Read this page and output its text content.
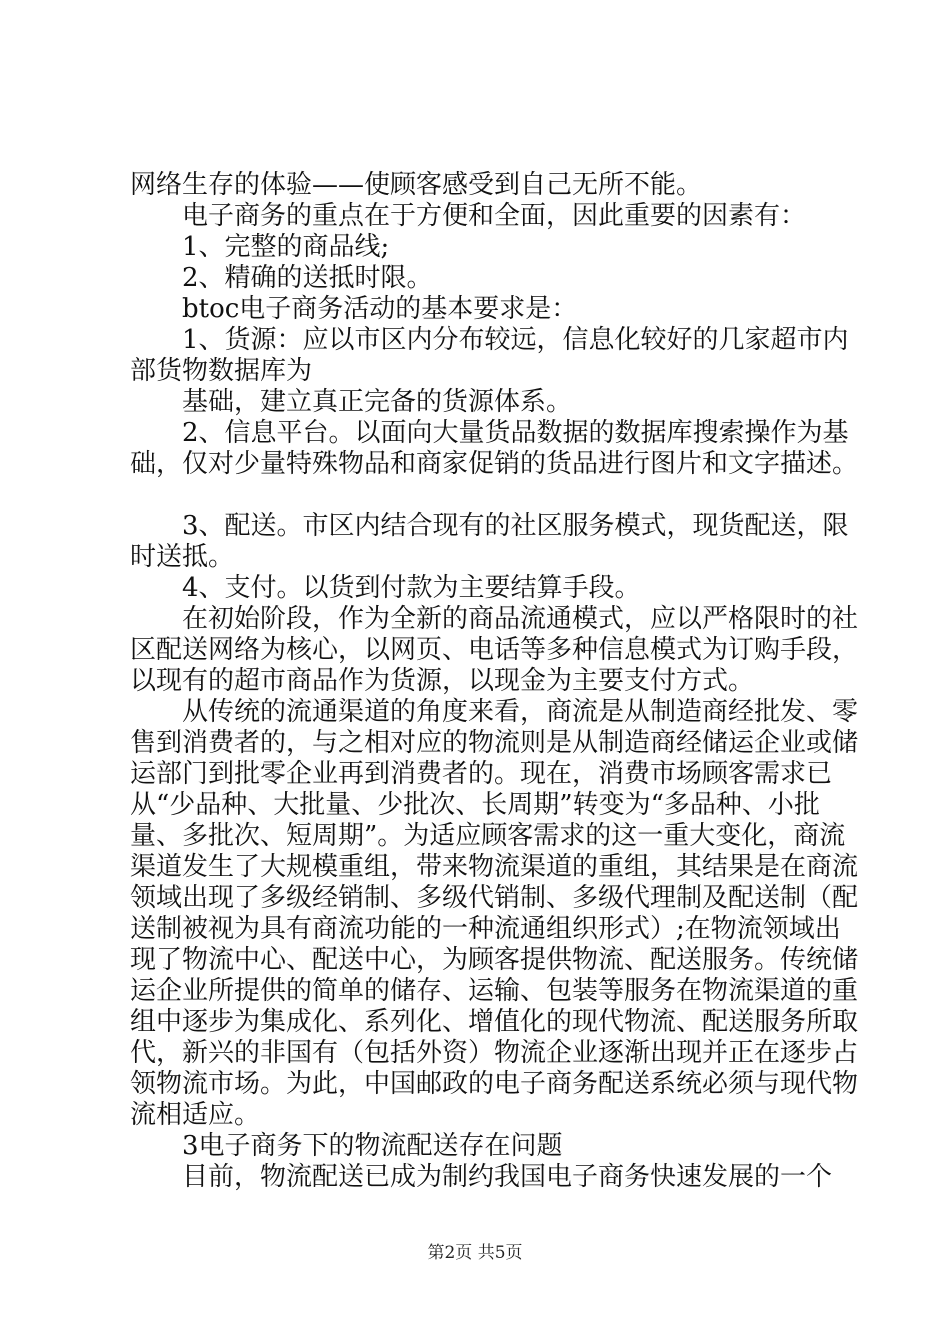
网络生存的体验——使顾客感受到自己无所不能。

电子商务的重点在于方便和全面，因此重要的因素有：

1、完整的商品线;

2、精确的送抵时限。

btoc电子商务活动的基本要求是：

1、货源：应以市区内分布较远，信息化较好的几家超市内部货物数据库为

基础，建立真正完备的货源体系。

2、信息平台。以面向大量货品数据的数据库搜索操作为基础，仅对少量特殊物品和商家促销的货品进行图片和文字描述。

3、配送。市区内结合现有的社区服务模式，现货配送，限时送抵。

4、支付。以货到付款为主要结算手段。

在初始阶段，作为全新的商品流通模式，应以严格限时的社区配送网络为核心，以网页、电话等多种信息模式为订购手段，以现有的超市商品作为货源，以现金为主要支付方式。

从传统的流通渠道的角度来看，商流是从制造商经批发、零售到消费者的，与之相对应的物流则是从制造商经储运企业或储运部门到批零企业再到消费者的。现在，消费市场顾客需求已从“少品种、大批量、少批次、长周期”转变为“多品种、小批量、多批次、短周期”。为适应顾客需求的这一重大变化，商流渠道发生了大规模重组，带来物流渠道的重组，其结果是在商流领域出现了多级经销制、多级代销制、多级代理制及配送制（配送制被视为具有商流功能的一种流通组织形式）;在物流领域出现了物流中心、配送中心，为顾客提供物流、配送服务。传统储运企业所提供的简单的储存、运输、包装等服务在物流渠道的重组中逐步为集成化、系列化、增值化的现代物流、配送服务所取代，新兴的非国有（包括外资）物流企业逐渐出现并正在逐步占领物流市场。为此，中国邮政的电子商务配送系统必须与现代物流相适应。

3电子商务下的物流配送存在问题

目前，物流配送已成为制约我国电子商务快速发展的一个

第2页 共5页
